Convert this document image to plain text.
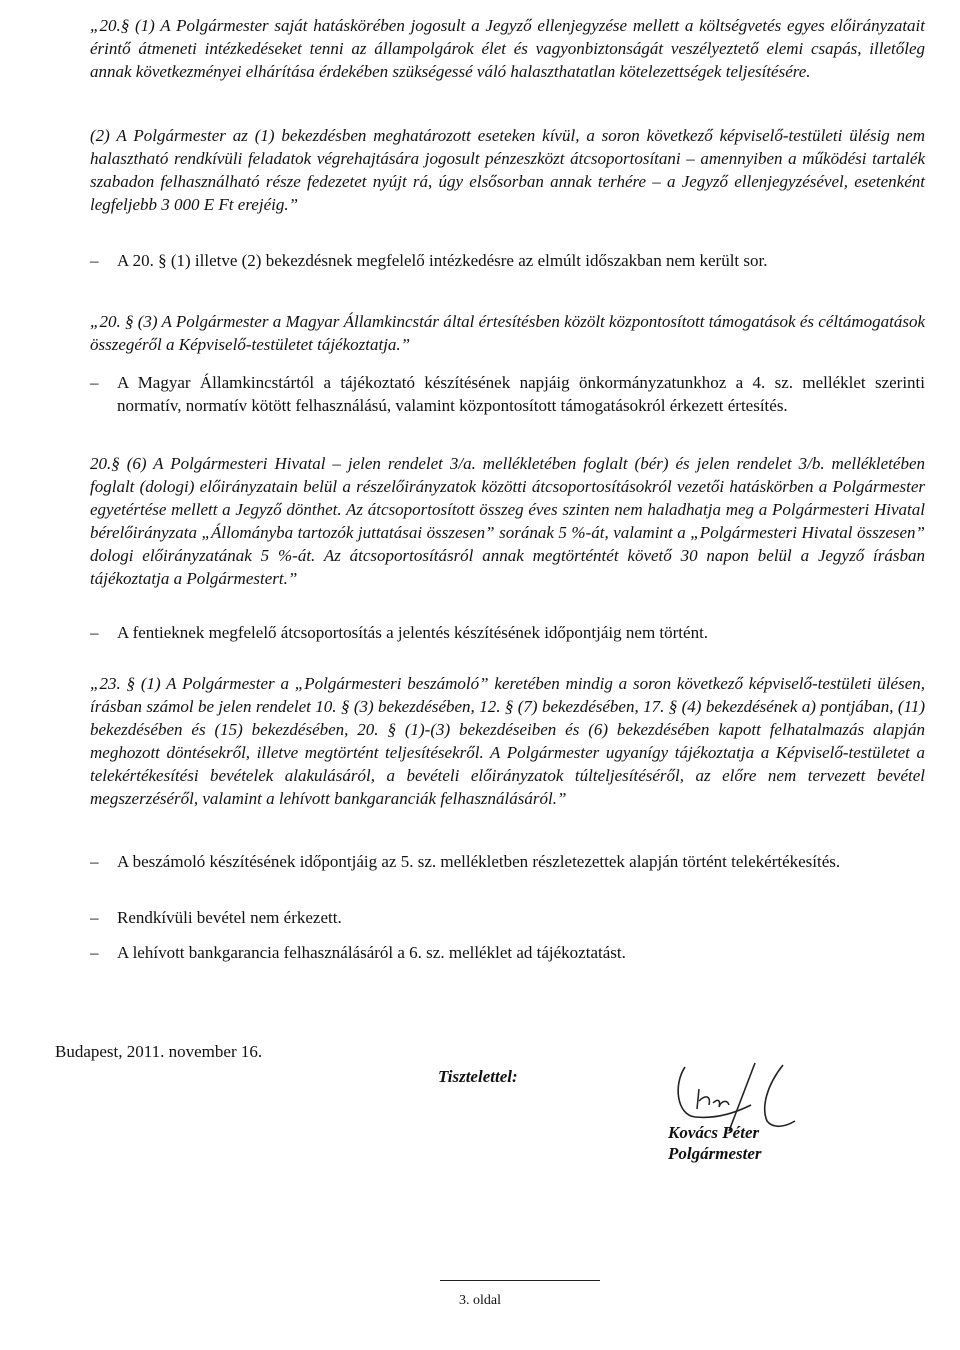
„20.§ (1) A Polgármester saját hatáskörében jogosult a Jegyző ellenjegyzése mellett a költségvetés egyes előirányzatait érintő átmeneti intézkedéseket tenni az állampolgárok élet és vagyonbiztonságát veszélyeztető elemi csapás, illetőleg annak következményei elhárítása érdekében szükségessé váló halaszthatatlan kötelezettségek teljesítésére.
(2) A Polgármester az (1) bekezdésben meghatározott eseteken kívül, a soron következő képviselő-testületi ülésig nem halasztható rendkívüli feladatok végrehajtására jogosult pénzeszközt átcsoportosítani – amennyiben a működési tartalék szabadon felhasználható része fedezetet nyújt rá, úgy elsősorban annak terhére – a Jegyző ellenjegyzésével, esetenként legfeljebb 3 000 E Ft erejéig.”
– A 20. § (1) illetve (2) bekezdésnek megfelelő intézkedésre az elmúlt időszakban nem került sor.
„20. § (3) A Polgármester a Magyar Államkincstár által értesítésben közölt központosított támogatások és céltámogatások összegéről a Képviselő-testületet tájékoztatja.”
– A Magyar Államkincstártól a tájékoztató készítésének napjáig önkormányzatunkhoz a 4. sz. melléklet szerinti normatív, normatív kötött felhasználású, valamint központosított támogatásokról érkezett értesítés.
20.§ (6) A Polgármesteri Hivatal – jelen rendelet 3/a. mellékletében foglalt (bér) és jelen rendelet 3/b. mellékletében foglalt (dologi) előirányzatain belül a részelőirányzatok közötti átcsoportosításokról vezetői hatáskörben a Polgármester egyetértése mellett a Jegyző dönthet. Az átcsoportosított összeg éves szinten nem haladhatja meg a Polgármesteri Hivatal bérelőirányzata „Állományba tartozók juttatásai összesen” sorának 5 %-át, valamint a „Polgármesteri Hivatal összesen” dologi előirányzatának 5 %-át. Az átcsoportosításról annak megtörténtét követő 30 napon belül a Jegyző írásban tájékoztatja a Polgármestert.”
– A fentieknek megfelelő átcsoportosítás a jelentés készítésének időpontjáig nem történt.
„23. § (1) A Polgármester a „Polgármesteri beszámoló” keretében mindig a soron következő képviselő-testületi ülésen, írásban számol be jelen rendelet 10. § (3) bekezdésében, 12. § (7) bekezdésében, 17. § (4) bekezdésének a) pontjában, (11) bekezdésében és (15) bekezdésében, 20. § (1)-(3) bekezdéseiben és (6) bekezdésében kapott felhatalmazás alapján meghozott döntésekről, illetve megtörtént teljesítésekről. A Polgármester ugyanígy tájékoztatja a Képviselő-testületet a telekértékesítési bevételek alakulásáról, a bevételi előirányzatok túlteljesítéséről, az előre nem tervezett bevétel megszerzéséről, valamint a lehívott bankgaranciák felhasználásáról.”
– A beszámoló készítésének időpontjáig az 5. sz. mellékletben részletezettek alapján történt telekértékesítés.
– Rendkívüli bevétel nem érkezett.
– A lehívott bankgarancia felhasználásáról a 6. sz. melléklet ad tájékoztatást.
Budapest, 2011. november 16.
Tisztelettel:
Kovács Péter
Polgármester
3. oldal
